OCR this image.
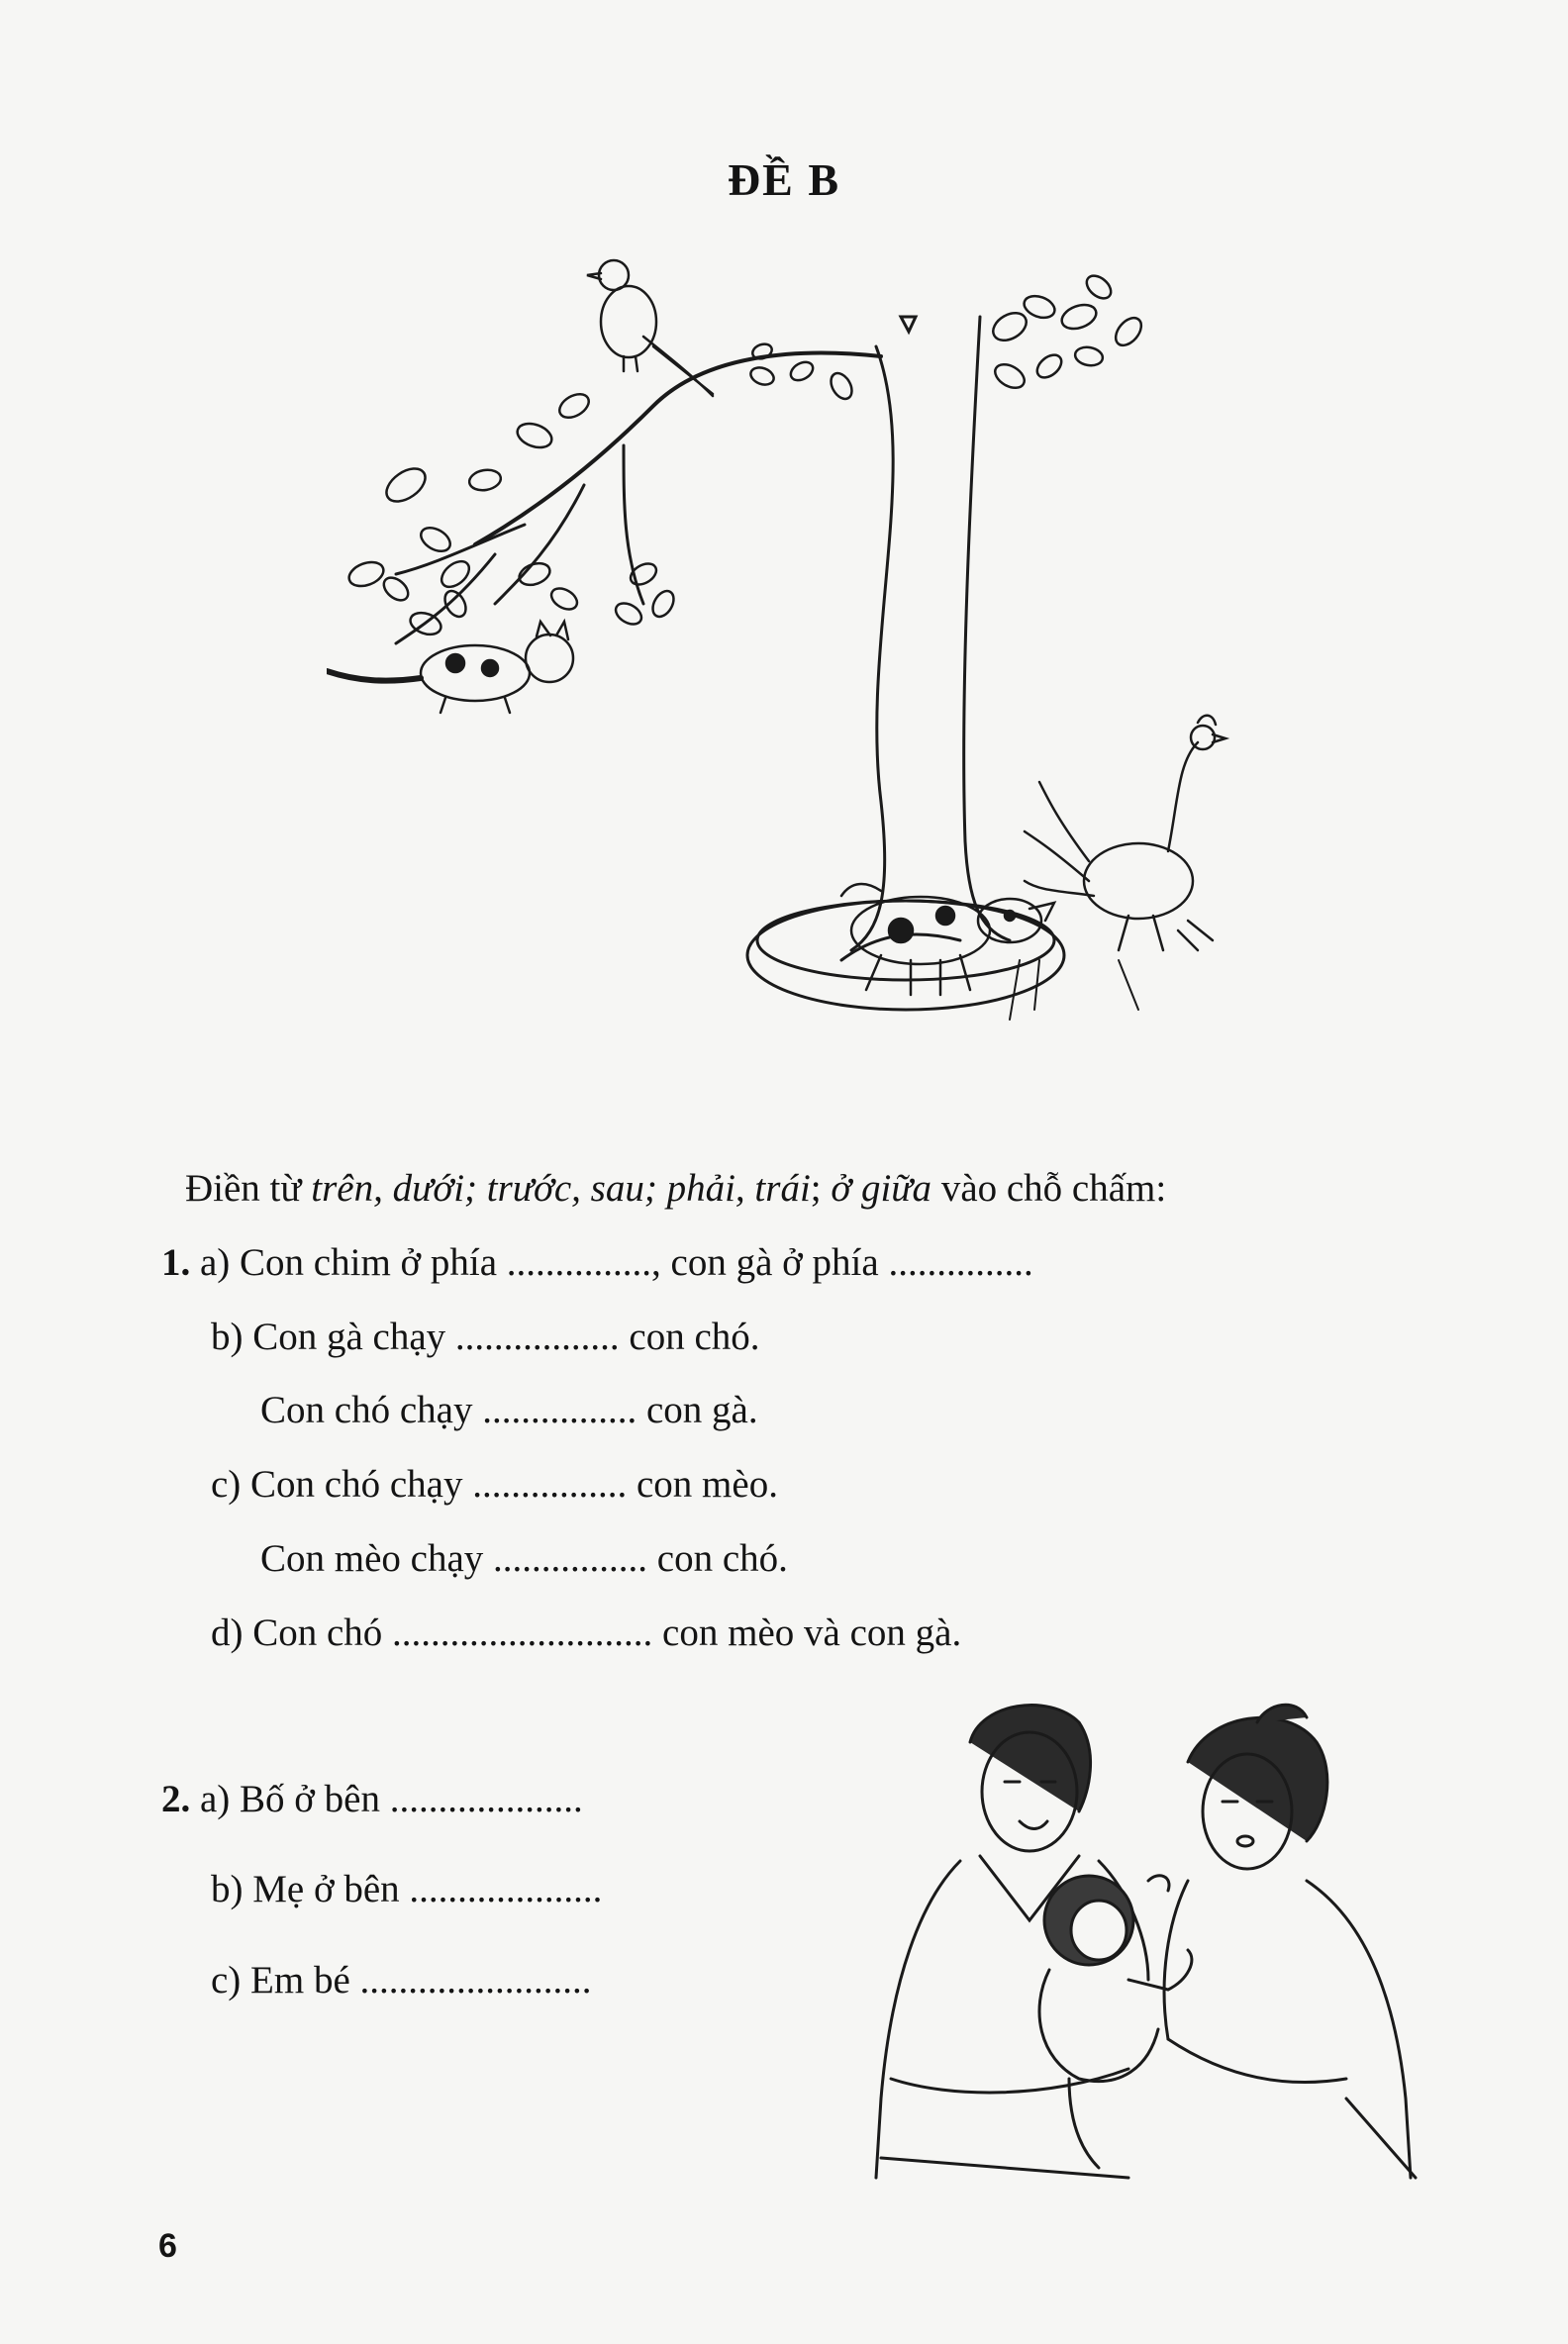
ĐỀ B
Điền từ trên, dưới; trước, sau; phải, trái; ở giữa vào chỗ chấm:
1. a) Con chim ở phía ..............., con gà ở phía ...............
b) Con gà chạy ................. con chó.
Con chó chạy ................ con gà.
c) Con chó chạy ................ con mèo.
Con mèo chạy ................ con chó.
d) Con chó ........................... con mèo và con gà.
2. a) Bố ở bên ....................
b) Mẹ ở bên ....................
c) Em bé ........................
6
